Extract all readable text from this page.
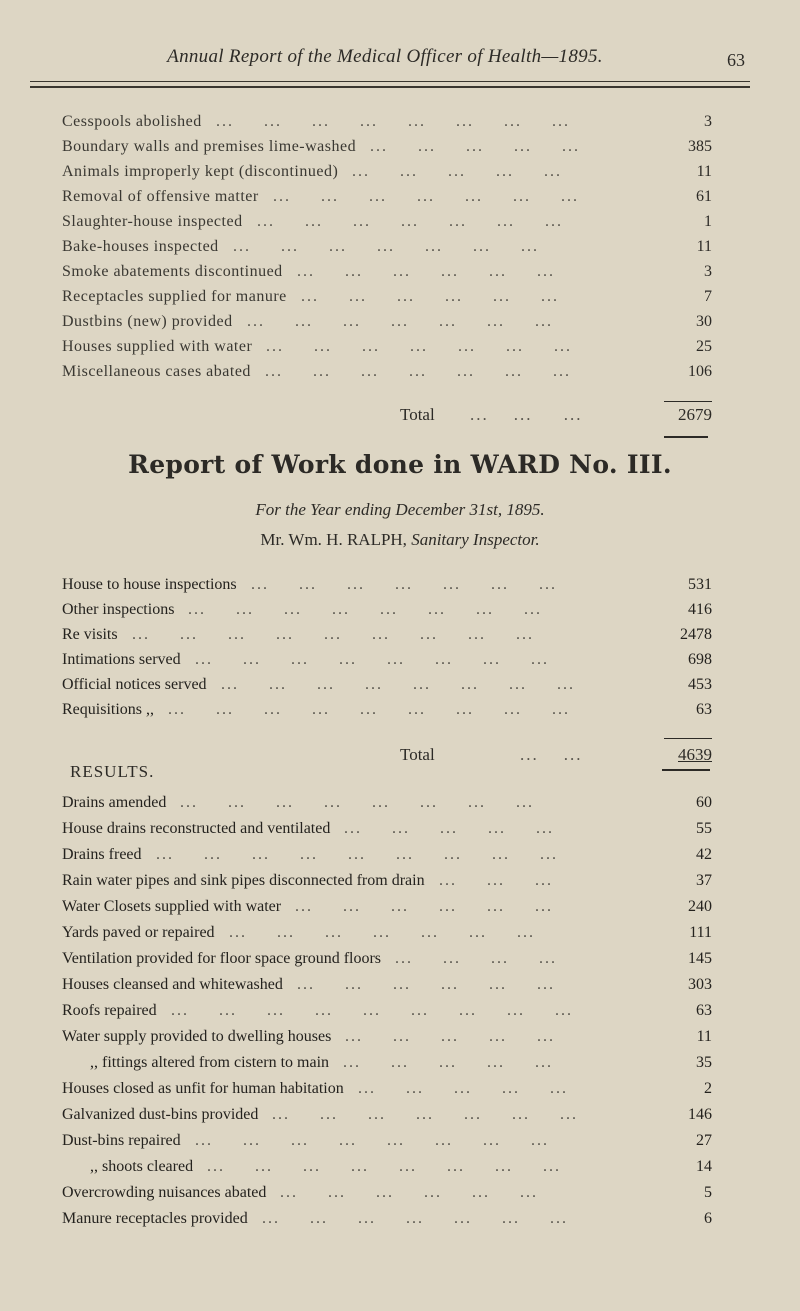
Annual Report of the Medical Officer of Health—1895.	63
Cesspools abolished	3
...     ...     ...     ...     ...     ...     ...     ...
Boundary walls and premises lime-washed	385
...     ...     ...     ...     ...
Animals improperly kept (discontinued)	11
...     ...     ...     ...     ...
Removal of offensive matter	61
...     ...     ...     ...     ...     ...     ...
Slaughter-house inspected	1
...     ...     ...     ...     ...     ...     ...
Bake-houses inspected	11
...     ...     ...     ...     ...     ...     ...
Smoke abatements discontinued	3
...     ...     ...     ...     ...     ...
Receptacles supplied for manure	7
...     ...     ...     ...     ...     ...
Dustbins (new) provided	30
...     ...     ...     ...     ...     ...     ...
Houses supplied with water	25
...     ...     ...     ...     ...     ...     ...
Miscellaneous cases abated	106
...     ...     ...     ...     ...     ...     ...
Total ...    ...     ...	2679
Report of Work done in WARD No. III.
For the Year ending December 31st, 1895.
Mr. Wm. H. RALPH, Sanitary Inspector.
House to house inspections	531
...     ...     ...     ...     ...     ...     ...
Other inspections	416
...     ...     ...     ...     ...     ...     ...     ...
Re visits	2478
...     ...     ...     ...     ...     ...     ...     ...     ...
Intimations served	698
...     ...     ...     ...     ...     ...     ...     ...
Official notices served	453
...     ...     ...     ...     ...     ...     ...     ...
Requisitions ,,	63
...     ...     ...     ...     ...     ...     ...     ...     ...
Total	...    ...	4639
RESULTS.
Drains amended	60
...     ...     ...     ...     ...     ...     ...     ...
House drains reconstructed and ventilated	55
...     ...     ...     ...     ...
Drains freed	42
...     ...     ...     ...     ...     ...     ...     ...     ...
Rain water pipes and sink pipes disconnected from drain	37
...     ...     ...
Water Closets supplied with water	240
...     ...     ...     ...     ...     ...
Yards paved or repaired	111
...     ...     ...     ...     ...     ...     ...
Ventilation provided for floor space ground floors	145
...     ...     ...     ...
Houses cleansed and whitewashed	303
...     ...     ...     ...     ...     ...
Roofs repaired	63
...     ...     ...     ...     ...     ...     ...     ...     ...
Water supply provided to dwelling houses	11
...     ...     ...     ...     ...
,, fittings altered from cistern to main	35
...     ...     ...     ...     ...
Houses closed as unfit for human habitation	2
...     ...     ...     ...     ...
Galvanized dust-bins provided	146
...     ...     ...     ...     ...     ...     ...
Dust-bins repaired	27
...     ...     ...     ...     ...     ...     ...     ...
,, shoots cleared	14
...     ...     ...     ...     ...     ...     ...     ...
Overcrowding nuisances abated	5
...     ...     ...     ...     ...     ...
Manure receptacles provided	6
...     ...     ...     ...     ...     ...     ...
